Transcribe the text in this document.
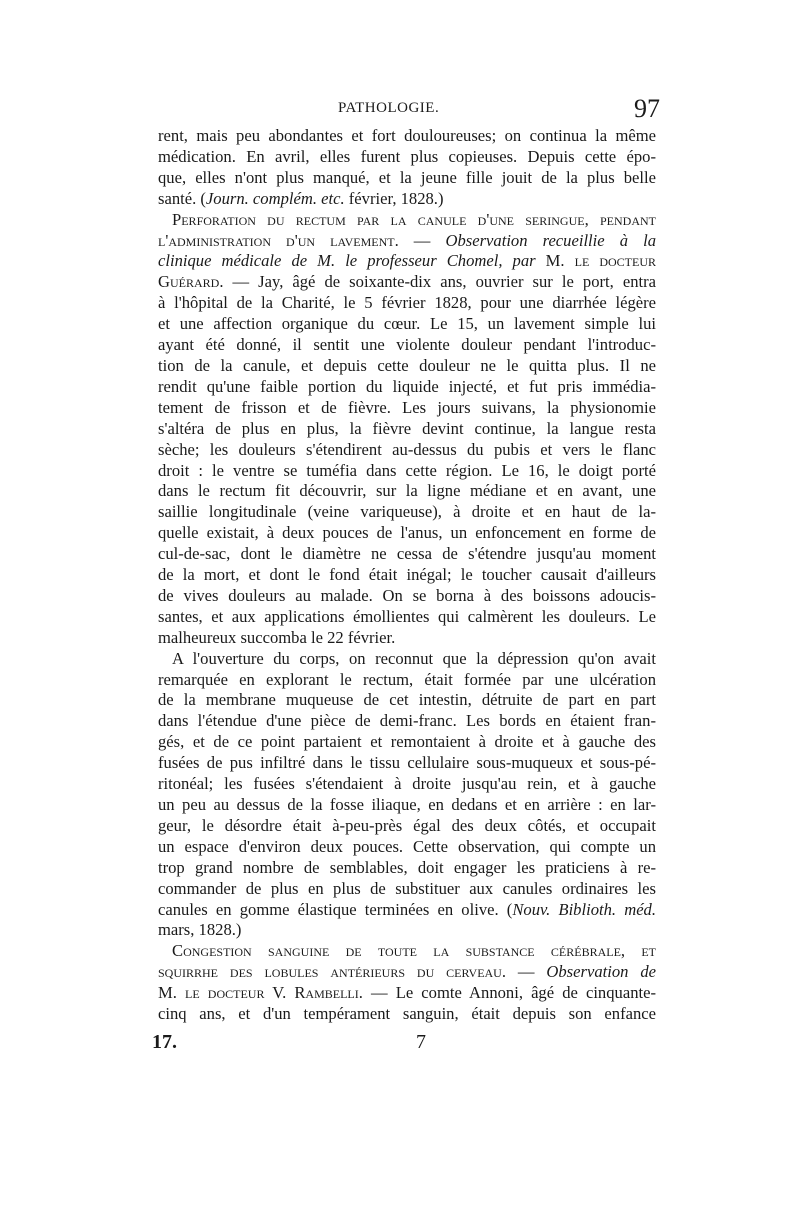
PATHOLOGIE.	97
rent, mais peu abondantes et fort douloureuses; on continua la même
médication. En avril, elles furent plus copieuses. Depuis cette épo-
que, elles n'ont plus manqué, et la jeune fille jouit de la plus belle
santé. (Journ. complém. etc. février, 1828.)
Perforation du rectum par la canule d'une seringue, pendant
l'administration d'un lavement. — Observation recueillie à la
clinique médicale de M. le professeur Chomel, par M. le docteur
Guérard. — Jay, âgé de soixante-dix ans, ouvrier sur le port, entra
à l'hôpital de la Charité, le 5 février 1828, pour une diarrhée légère
et une affection organique du cœur. Le 15, un lavement simple lui
ayant été donné, il sentit une violente douleur pendant l'introduc-
tion de la canule, et depuis cette douleur ne le quitta plus. Il ne
rendit qu'une faible portion du liquide injecté, et fut pris immédia-
tement de frisson et de fièvre. Les jours suivans, la physionomie
s'altéra de plus en plus, la fièvre devint continue, la langue resta
sèche; les douleurs s'étendirent au-dessus du pubis et vers le flanc
droit : le ventre se tuméfia dans cette région. Le 16, le doigt porté
dans le rectum fit découvrir, sur la ligne médiane et en avant, une
saillie longitudinale (veine variqueuse), à droite et en haut de la-
quelle existait, à deux pouces de l'anus, un enfoncement en forme de
cul-de-sac, dont le diamètre ne cessa de s'étendre jusqu'au moment
de la mort, et dont le fond était inégal; le toucher causait d'ailleurs
de vives douleurs au malade. On se borna à des boissons adoucis-
santes, et aux applications émollientes qui calmèrent les douleurs. Le
malheureux succomba le 22 février.
A l'ouverture du corps, on reconnut que la dépression qu'on avait
remarquée en explorant le rectum, était formée par une ulcération
de la membrane muqueuse de cet intestin, détruite de part en part
dans l'étendue d'une pièce de demi-franc. Les bords en étaient fran-
gés, et de ce point partaient et remontaient à droite et à gauche des
fusées de pus infiltré dans le tissu cellulaire sous-muqueux et sous-pé-
ritonéal; les fusées s'étendaient à droite jusqu'au rein, et à gauche
un peu au dessus de la fosse iliaque, en dedans et en arrière : en lar-
geur, le désordre était à-peu-près égal des deux côtés, et occupait
un espace d'environ deux pouces. Cette observation, qui compte un
trop grand nombre de semblables, doit engager les praticiens à re-
commander de plus en plus de substituer aux canules ordinaires les
canules en gomme élastique terminées en olive. (Nouv. Biblioth. méd.
mars, 1828.)
Congestion sanguine de toute la substance cérébrale, et
squirrhe des lobules antérieurs du cerveau. — Observation de
M. le docteur V. Rambelli. — Le comte Annoni, âgé de cinquante-
cinq ans, et d'un tempérament sanguin, était depuis son enfance
17.	7
